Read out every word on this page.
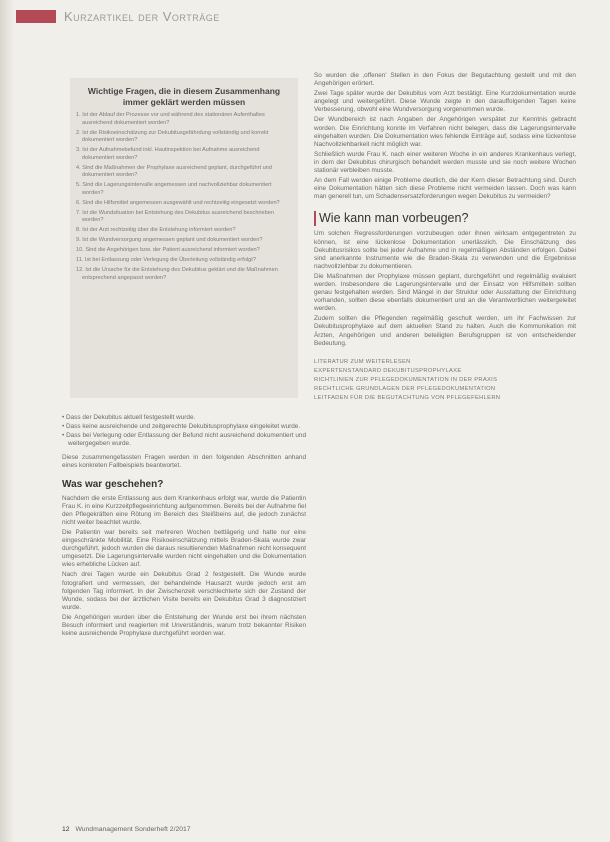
Kurzartikel der Vorträge
Wichtige Fragen, die in diesem Zusammenhang immer geklärt werden müssen
1. Ist der Ablauf der Prozesse vor und während des stationären Aufenthaltes ausreichend dokumentiert worden?
2. Ist die Risikoeinschätzung zur Dekubitusgefährdung vollständig und korrekt dokumentiert worden?
3. Ist der Aufnahmebefund inkl. Hautinspektion bei Aufnahme ausreichend dokumentiert worden?
4. Sind die Maßnahmen der Prophylaxe ausreichend geplant, durchgeführt und dokumentiert worden?
5. Sind die Lagerungsintervalle angemessen und nachvollziehbar dokumentiert worden?
6. Sind die Hilfsmittel angemessen ausgewählt und rechtzeitig eingesetzt worden?
7. Ist die Wundsituation bei Entstehung des Dekubitus ausreichend beschrieben worden?
8. Ist der Arzt rechtzeitig über die Entstehung informiert worden?
9. Ist die Wundversorgung angemessen geplant und dokumentiert worden?
10. Sind die Angehörigen bzw. der Patient ausreichend informiert worden?
11. Ist bei Entlassung oder Verlegung die Überleitung vollständig erfolgt?
12. Ist die Ursache für die Entstehung des Dekubitus geklärt und die Maßnahmen entsprechend angepasst worden?
• Dass der Dekubitus aktuell festgestellt wurde.
• Dass keine ausreichende und zeitgerechte Dekubitusprophylaxe eingeleitet wurde.
• Dass bei Verlegung oder Entlassung der Befund nicht ausreichend dokumentiert und weitergegeben wurde.

Diese zusammengefassten Fragen werden in den folgenden Abschnitten anhand eines konkreten Fallbeispiels beantwortet.

Was war geschehen?

Nachdem die erste Entlassung aus dem Krankenhaus erfolgt war, wurde die Patientin Frau K. in eine Kurzzeitpflegeeinrichtung aufgenommen. Bereits bei der Aufnahme fiel den Pflegekräften eine Rötung im Bereich des Steißbeins auf, die jedoch zunächst nicht weiter beachtet wurde.

Die Patientin war bereits seit mehreren Wochen bettlägerig und hatte nur eine eingeschränkte Mobilität. Eine Risikoeinschätzung mittels Braden-Skala wurde zwar durchgeführt, jedoch wurden die daraus resultierenden Maßnahmen nicht konsequent umgesetzt. Die Lagerungsintervalle wurden nicht eingehalten und die Dokumentation wies erhebliche Lücken auf.

Nach drei Tagen wurde ein Dekubitus Grad 2 festgestellt. Die Wunde wurde fotografiert und vermessen, der behandelnde Hausarzt wurde jedoch erst am folgenden Tag informiert. In der Zwischenzeit verschlechterte sich der Zustand der Wunde, sodass bei der ärztlichen Visite bereits ein Dekubitus Grad 3 diagnostiziert wurde.

Die Angehörigen wurden über die Entstehung der Wunde erst bei ihrem nächsten Besuch informiert und reagierten mit Unverständnis, warum trotz bekannter Risiken keine ausreichende Prophylaxe durchgeführt worden war.

So wurden die ‚offenen' Stellen in den Fokus der Begutachtung gestellt und mit den Angehörigen erörtert.

Zwei Tage später wurde der Dekubitus vom Arzt bestätigt. Eine Kurzdokumentation wurde angelegt und weitergeführt. Diese Wunde zeigte in den darauffolgenden Tagen keine Verbesserung, obwohl eine Wundversorgung vorgenommen wurde.

Der Wundbereich ist nach Angaben der Angehörigen verspätet zur Kenntnis gebracht worden. Die Einrichtung konnte im Verfahren nicht belegen, dass die Lagerungsintervalle eingehalten wurden. Die Dokumentation wies fehlende Einträge auf, sodass eine lückenlose Nachvollziehbarkeit nicht möglich war.

Schließlich wurde Frau K. nach einer weiteren Woche in ein anderes Krankenhaus verlegt, in dem der Dekubitus chirurgisch behandelt werden musste und sie noch weitere Wochen stationär verbleiben musste.

An dem Fall werden einige Probleme deutlich, die der Kern dieser Betrachtung sind. Durch eine Dokumentation hätten sich diese Probleme nicht vermeiden lassen. Doch was kann man generell tun, um Schadensersatzforderungen wegen Dekubitus zu vermeiden?

Wie kann man vorbeugen?

Um solchen Regressforderungen vorzubeugen oder ihnen wirksam entgegentreten zu können, ist eine lückenlose Dokumentation unerlässlich. Die Einschätzung des Dekubitusrisikos sollte bei jeder Aufnahme und in regelmäßigen Abständen erfolgen. Dabei sind anerkannte Instrumente wie die Braden-Skala zu verwenden und die Ergebnisse nachvollziehbar zu dokumentieren.

Die Maßnahmen der Prophylaxe müssen geplant, durchgeführt und regelmäßig evaluiert werden. Insbesondere die Lagerungsintervalle und der Einsatz von Hilfsmitteln sollten genau festgehalten werden. Sind Mängel in der Struktur oder Ausstattung der Einrichtung vorhanden, sollten diese ebenfalls dokumentiert und an die Verantwortlichen weitergeleitet werden.

Zudem sollten die Pflegenden regelmäßig geschult werden, um ihr Fachwissen zur Dekubitusprophylaxe auf dem aktuellen Stand zu halten. Auch die Kommunikation mit Ärzten, Angehörigen und anderen beteiligten Berufsgruppen ist von entscheidender Bedeutung.

LITERATUR ZUM WEITERLESEN
EXPERTENSTANDARD DEKUBITUSPROPHYLAXE
RICHTLINIEN ZUR PFLEGEDOKUMENTATION IN DER PRAXIS
RECHTLICHE GRUNDLAGEN DER PFLEGEDOKUMENTATION
LEITFADEN FÜR DIE BEGUTACHTUNG VON PFLEGEFEHLERN
12 Wundmanagement Sonderheft 2/2017
